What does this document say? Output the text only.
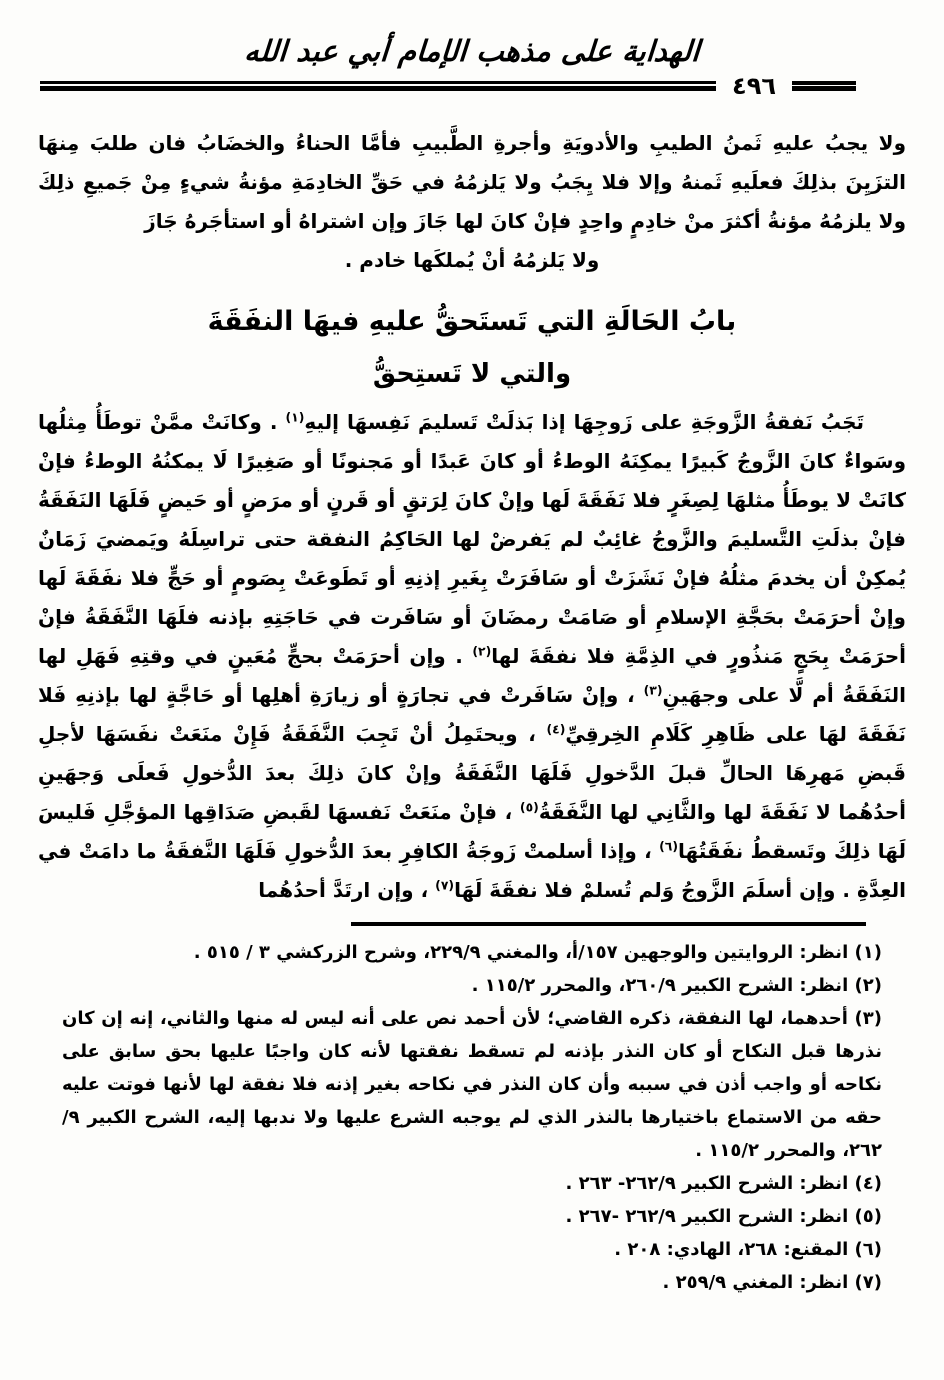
الهداية على مذهب الإمام أبي عبد الله
٤٩٦

ولا يجبُ عليهِ ثَمنُ الطيبِ والأدويَةِ وأجرةِ الطَّبيبِ فأمَّا الحناءُ والخضَابُ فان طلبَ مِنهَا التزَيِنَ بذلِكَ فعلَيهِ ثَمنهُ وإلا فلا يِجَبُ ولا يَلزمُهُ في حَقِّ الخادِمَةِ مؤنةُ شيءٍ مِنْ جَميعِ ذلِكَ ولا يلزمُهُ مؤنةُ أكثرَ منْ خادِمٍ واحِدٍ فإنْ كانَ لها جَازَ وإن اشتراهُ أو استأجَرهُ جَازَ

ولا يَلزمُهُ أنْ يُملكَها خادم .

بابُ الحَالَةِ التي تَستَحقُّ عليهِ فيهَا النفَقَةَ
والتي لا تَستِحقُّ

تَجَبُ نَفقةُ الزَّوجَةِ على زَوجِهَا إذا بَذلَتْ تَسليمَ نَفِسهَا إليهِ$^{(١)}$ . وكانَتْ ممَّنْ توطَأُ مِثلُها وسَواءٌ كانَ الزَّوجُ كَبيرًا يمكِنَهُ الوطءُ أو كانَ عَبدًا أو مَجنونًا أو صَغِيرًا لَا يمكنُهُ الوطءُ فإنْ كانَتْ لا يوطَأُ مثلهَا لِصِغَرٍ فلا نَفَقَةَ لَها وإنْ كانَ لِرَتقٍ أو قَرنٍ أو مرَضٍ أو حَيضٍ فَلَهَا النَفَقَةُ فإنْ بذلَتِ التَّسليمَ والزَّوجُ غائِبٌ لم يَفرضْ لها الحَاكِمُ النفقة حتى تراسِلَهُ ويَمضيَ زَمَانٌ يُمكِنْ أن يخدمَ مثلُهُ فإنْ نَشَزَتْ أو سَافَرَتْ بِغَيرِ إذنِهِ أو تَطَوعَتْ بِصَومٍ أو حَجٍّ فلا نفَقَةَ لَها وإنْ أحرَمَتْ بحَجَّةِ الإسلامِ أو صَامَتْ رمضَانَ أو سَافَرت في حَاجَتِهِ بإذنه فلَهَا النَّفَقَةُ فإنْ أحرَمَتْ بِحَجٍ مَنذُورٍ في الذِمَّةِ فلا نفقَةَ لها$^{(٢)}$ . وإن أحرَمَتْ بحجٍّ مُعَينٍ في وقتِهِ فَهَلِ لها النَفَقَةُ أم لَّا على وجهَينِ$^{(٣)}$ ، وإنْ سَافَرتْ في تجارَةٍ أو زيارَةِ أهلِها أو حَاجَّةٍ لها بإذنِهِ فَلا نَفَقَةَ لهَا على ظَاهِرِ كَلَامِ الخِرقِيِّ$^{(٤)}$ ، ويحتَمِلُ أنْ تَجِبَ النَّفَقَةُ فَإِنْ منَعَتْ نفَسَهَا لأجلِ قَبضِ مَهرِهَا الحالِّ قبلَ الدَّخولِ فَلَهَا النَّفَقَةُ وإنْ كانَ ذلِكَ بعدَ الدُّخولِ فَعلَى وَجهَينِ أحدُهُما لا نَفَقَةَ لها والثَّانِي لها النَّفَقَةُ$^{(٥)}$ ، فإنْ منَعَتْ نَفسهَا لقَبضِ صَدَاقِها المؤجَّلِ فَليسَ لَهَا ذلِكَ وتَسقطُ نفَقَتُهَا$^{(٦)}$ ، وإذا أسلمتْ زَوجَةُ الكافِرِ بعدَ الدُّخولِ فَلَهَا النَّفقَةُ ما دامَتْ في العِدَّةِ . وإن أسلَمَ الزَّوجُ وَلم تُسلمْ فلا نفقَةَ لَهَا$^{(٧)}$ ، وإن ارتَدَّ أحدُهُما

(١) انظر: الروايتين والوجهين ١٥٧/أ، والمغني ٢٢٩/٩، وشرح الزركشي ٣ / ٥١٥ .

(٢) انظر: الشرح الكبير ٢٦٠/٩، والمحرر ١١٥/٢ .

(٣) أحدهما، لها النفقة، ذكره القاضي؛ لأن أحمد نص على أنه ليس له منها والثاني، إنه إن كان نذرها قبل النكاح أو كان النذر بإذنه لم تسقط نفقتها لأنه كان واجبًا عليها بحق سابق على نكاحه أو واجب أذن في سببه وأن كان النذر في نكاحه بغير إذنه فلا نفقة لها لأنها فوتت عليه حقه من الاستماع باختيارها بالنذر الذي لم يوجبه الشرع عليها ولا ندبها إليه، الشرح الكبير ٩/ ٢٦٢، والمحرر ١١٥/٢ .

(٤) انظر: الشرح الكبير ٢٦٢/٩- ٢٦٣ .

(٥) انظر: الشرح الكبير ٢٦٢/٩ -٢٦٧ .

(٦) المقنع: ٢٦٨، الهادي: ٢٠٨ .

(٧) انظر: المغني ٢٥٩/٩ .
